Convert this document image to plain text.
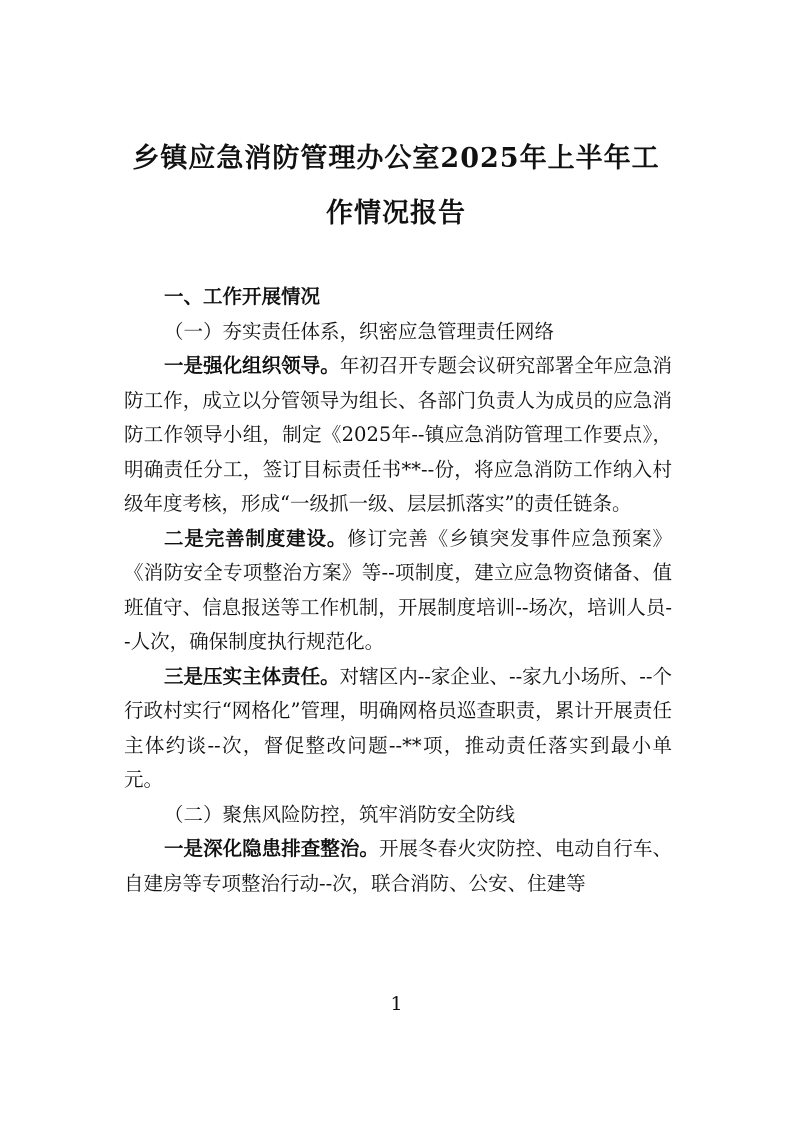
乡镇应急消防管理办公室2025年上半年工
作情况报告

一、工作开展情况

（一）夯实责任体系，织密应急管理责任网络

一是强化组织领导。年初召开专题会议研究部署全年应急消防工作，成立以分管领导为组长、各部门负责人为成员的应急消防工作领导小组，制定《2025年--镇应急消防管理工作要点》，明确责任分工，签订目标责任书**--份，将应急消防工作纳入村级年度考核，形成“一级抓一级、层层抓落实”的责任链条。

二是完善制度建设。修订完善《乡镇突发事件应急预案》《消防安全专项整治方案》等--项制度，建立应急物资储备、值班值守、信息报送等工作机制，开展制度培训--场次，培训人员--人次，确保制度执行规范化。

三是压实主体责任。对辖区内--家企业、--家九小场所、--个行政村实行“网格化”管理，明确网格员巡查职责，累计开展责任主体约谈--次，督促整改问题--**项，推动责任落实到最小单元。

（二）聚焦风险防控，筑牢消防安全防线

一是深化隐患排查整治。开展冬春火灾防控、电动自行车、自建房等专项整治行动--次，联合消防、公安、住建等

1
